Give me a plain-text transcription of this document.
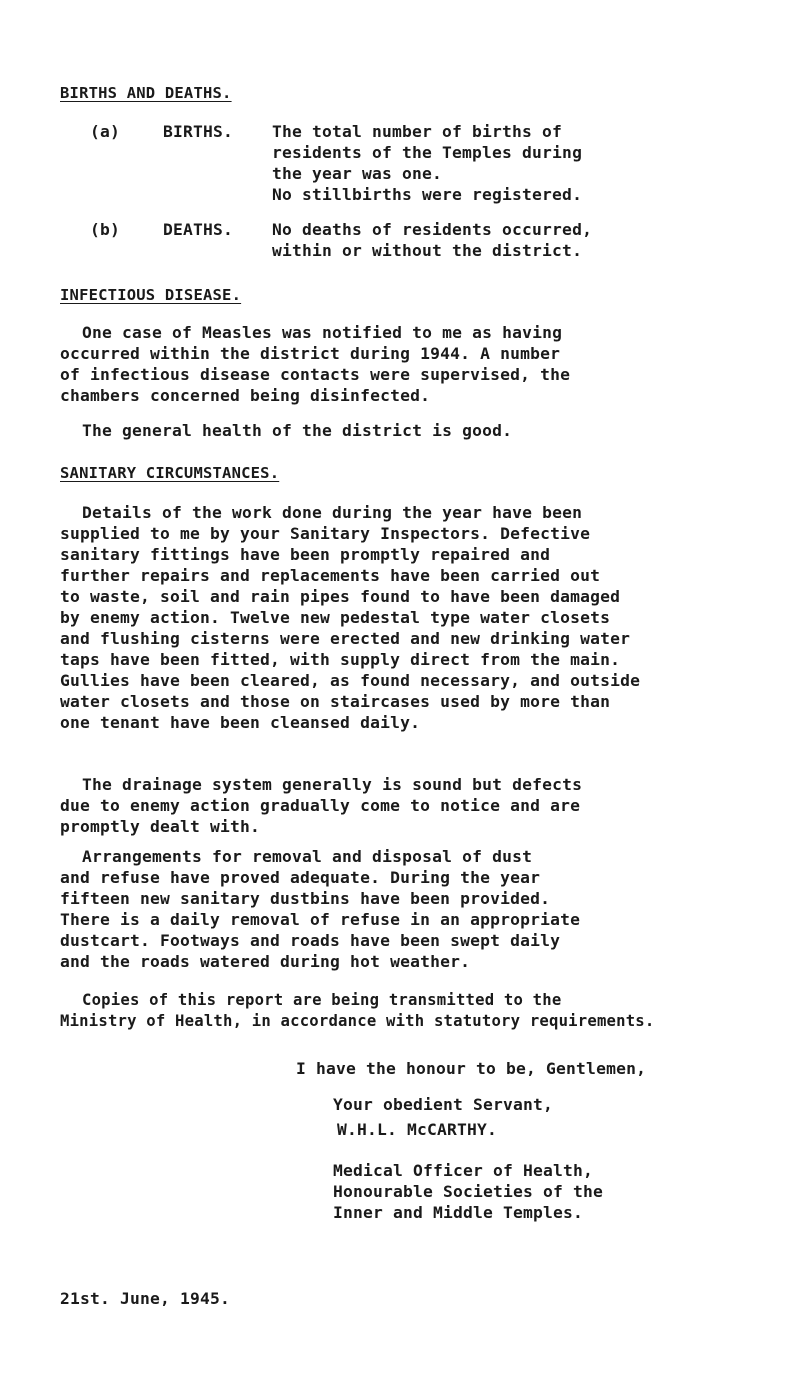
BIRTHS AND DEATHS.
(a)	BIRTHS. The total number of births of
residents of the Temples during
the year was one.
No stillbirths were registered.
(b)	DEATHS. No deaths of residents occurred,
within or without the district.
INFECTIOUS DISEASE.
One case of Measles was notified to me as having
occurred within the district during 1944. A number
of infectious disease contacts were supervised, the
chambers concerned being disinfected.
The general health of the district is good.
SANITARY CIRCUMSTANCES.
Details of the work done during the year have been
supplied to me by your Sanitary Inspectors. Defective
sanitary fittings have been promptly repaired and
further repairs and replacements have been carried out
to waste, soil and rain pipes found to have been damaged
by enemy action. Twelve new pedestal type water closets
and flushing cisterns were erected and new drinking water
taps have been fitted, with supply direct from the main.
Gullies have been cleared, as found necessary, and outside
water closets and those on staircases used by more than
one tenant have been cleansed daily.
The drainage system generally is sound but defects
due to enemy action gradually come to notice and are
promptly dealt with.
Arrangements for removal and disposal of dust
and refuse have proved adequate. During the year
fifteen new sanitary dustbins have been provided.
There is a daily removal of refuse in an appropriate
dustcart. Footways and roads have been swept daily
and the roads watered during hot weather.
Copies of this report are being transmitted to the
Ministry of Health, in accordance with statutory requirements.
I have the honour to be, Gentlemen,
Your obedient Servant,
W.H.L. McCARTHY.
Medical Officer of Health,
Honourable Societies of the
Inner and Middle Temples.
21st. June, 1945.
